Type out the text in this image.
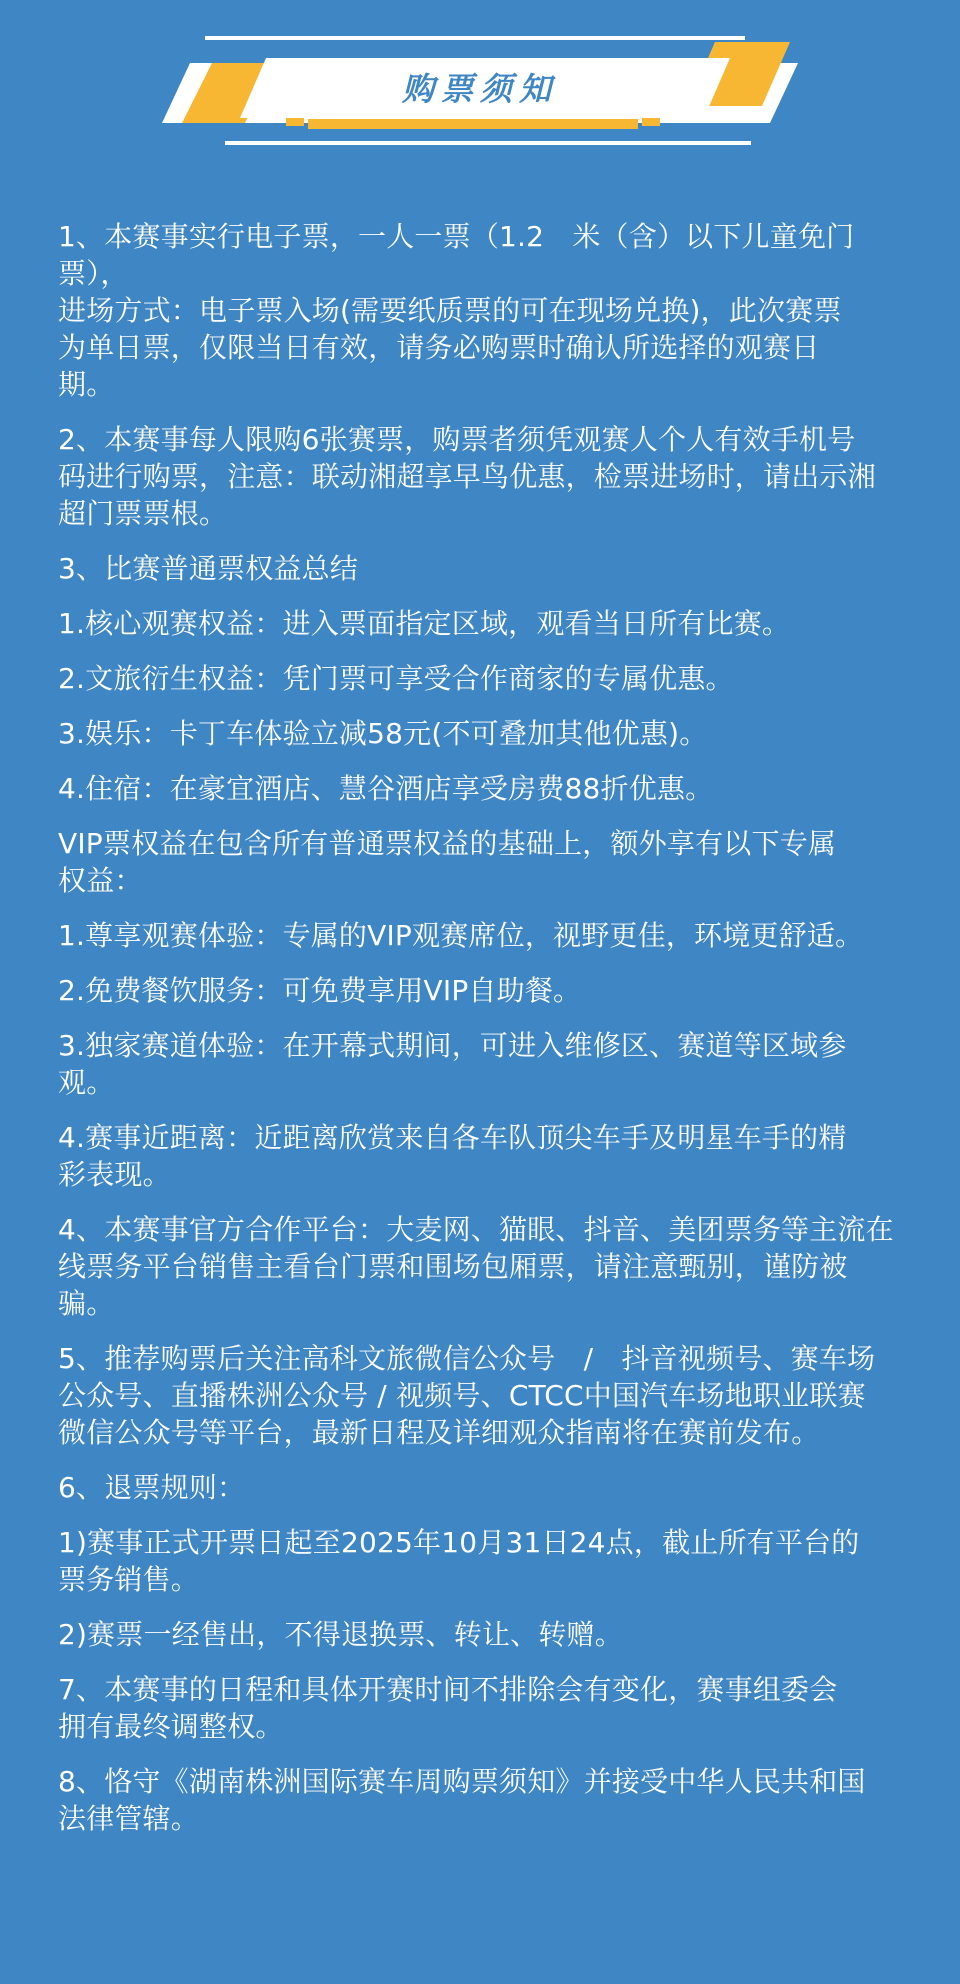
购票须知

1、本赛事实行电子票，一人一票（1.2　米（含）以下儿童免门票），
进场方式：电子票入场(需要纸质票的可在现场兑换)，此次赛票
为单日票，仅限当日有效，请务必购票时确认所选择的观赛日
期。

2、本赛事每人限购6张赛票，购票者须凭观赛人个人有效手机号
码进行购票，注意：联动湘超享早鸟优惠，检票进场时，请出示湘
超门票票根。

3、比赛普通票权益总结

1.核心观赛权益：进入票面指定区域，观看当日所有比赛。

2.文旅衍生权益：凭门票可享受合作商家的专属优惠。

3.娱乐：卡丁车体验立减58元(不可叠加其他优惠)。

4.住宿：在豪宜酒店、慧谷酒店享受房费88折优惠。

VIP票权益在包含所有普通票权益的基础上，额外享有以下专属
权益：

1.尊享观赛体验：专属的VIP观赛席位，视野更佳，环境更舒适。

2.免费餐饮服务：可免费享用VIP自助餐。

3.独家赛道体验：在开幕式期间，可进入维修区、赛道等区域参
观。

4.赛事近距离：近距离欣赏来自各车队顶尖车手及明星车手的精
彩表现。

4、本赛事官方合作平台：大麦网、猫眼、抖音、美团票务等主流在
线票务平台销售主看台门票和围场包厢票，请注意甄别，谨防被
骗。

5、推荐购票后关注高科文旅微信公众号　/　抖音视频号、赛车场
公众号、直播株洲公众号 / 视频号、CTCC中国汽车场地职业联赛
微信公众号等平台，最新日程及详细观众指南将在赛前发布。

6、退票规则：

1)赛事正式开票日起至2025年10月31日24点，截止所有平台的
票务销售。

2)赛票一经售出，不得退换票、转让、转赠。

7、本赛事的日程和具体开赛时间不排除会有变化，赛事组委会
拥有最终调整权。

8、恪守《湖南株洲国际赛车周购票须知》并接受中华人民共和国
法律管辖。
